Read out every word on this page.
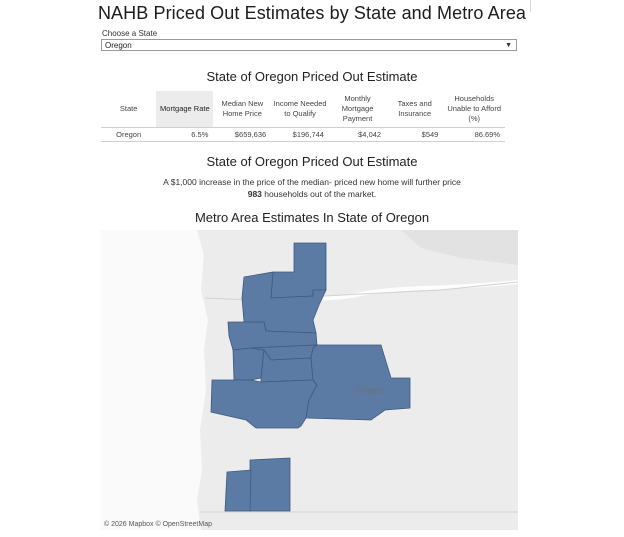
NAHB Priced Out Estimates by State and Metro Area
Choose a State
Oregon	▼
State of Oregon Priced Out Estimate
State	Mortgage Rate	Median New Home Price	Income Needed to Qualify	Monthly Mortgage Payment	Taxes and Insurance	Households Unable to Afford (%)
Oregon	6.5%	$659,636	$196,744	$4,042	$549	86.69%
State of Oregon Priced Out Estimate
A $1,000 increase in the price of the median- priced new home will further price
983 households out of the market.
Metro Area Estimates In State of Oregon
Oregon
© 2026 Mapbox © OpenStreetMap
